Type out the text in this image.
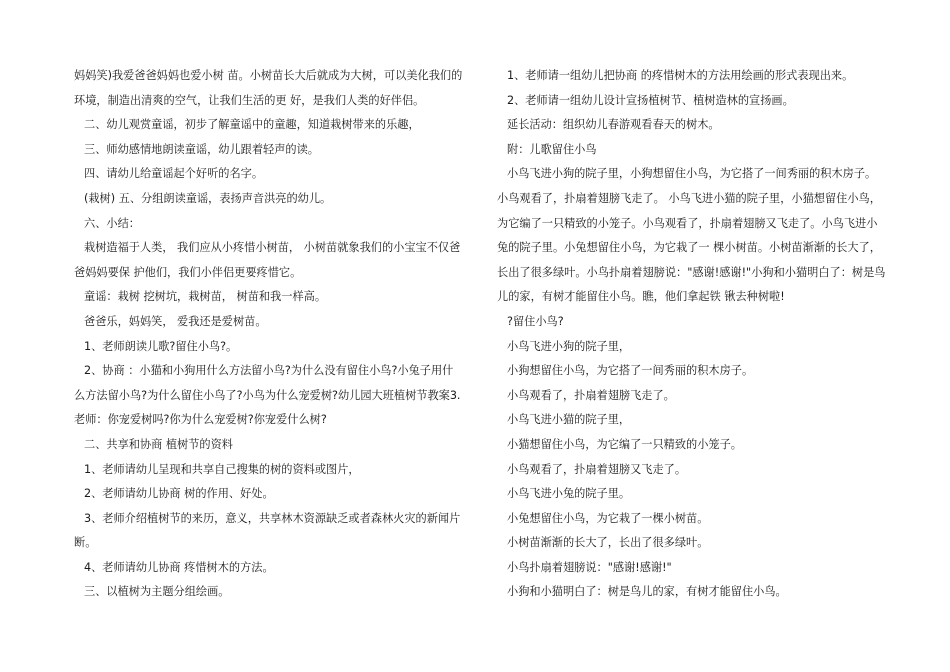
妈妈笑)我爱爸爸妈妈也爱小树 苗。小树苗长大后就成为大树，可以美化我们的环境，制造出清爽的空气，让我们生活的更 好，是我们人类的好伴侣。

二、幼儿观赏童谣，初步了解童谣中的童趣，知道栽树带来的乐趣，

三、师幼感情地朗读童谣，幼儿跟着轻声的读。

四、请幼儿给童谣起个好听的名字。

(栽树) 五、分组朗读童谣，表扬声音洪亮的幼儿。

六、小结：

栽树造福于人类， 我们应从小疼惜小树苗， 小树苗就象我们的小宝宝不仅爸爸妈妈要保 护他们，我们小伴侣更要疼惜它。

童谣：栽树 挖树坑，栽树苗， 树苗和我一样高。

爸爸乐，妈妈笑， 爱我还是爱树苗。

1、老师朗读儿歌?留住小鸟?。

2、协商 ：小猫和小狗用什么方法留小鸟?为什么没有留住小鸟?小兔子用什么方法留小鸟?为什么留住小鸟了?小鸟为什么宠爱树?幼儿园大班植树节教案3.老师：你宠爱树吗?你为什么宠爱树?你宠爱什么树?

二、共享和协商 植树节的资料

1、老师请幼儿呈现和共享自己搜集的树的资料或图片，

2、老师请幼儿协商 树的作用、好处。

3、老师介绍植树节的来历，意义，共享林木资源缺乏或者森林火灾的新闻片断。

4、老师请幼儿协商 疼惜树木的方法。

三、以植树为主题分组绘画。

1、老师请一组幼儿把协商 的疼惜树木的方法用绘画的形式表现出来。

2、老师请一组幼儿设计宣扬植树节、植树造林的宣扬画。

延长活动：组织幼儿春游观看春天的树木。

附：儿歌留住小鸟

小鸟飞进小狗的院子里，小狗想留住小鸟，为它搭了一间秀丽的积木房子。小鸟观看了，扑扇着翅膀飞走了。 小鸟飞进小猫的院子里，小猫想留住小鸟，为它编了一只精致的小笼子。小鸟观看了，扑扇着翅膀又飞走了。小鸟飞进小兔的院子里。小兔想留住小鸟，为它栽了一 棵小树苗。小树苗渐渐的长大了，长出了很多绿叶。小鸟扑扇着翅膀说："感谢!感谢!"小狗和小猫明白了：树是鸟儿的家，有树才能留住小鸟。瞧，他们拿起铁 锹去种树啦!

?留住小鸟?

小鸟飞进小狗的院子里，

小狗想留住小鸟，为它搭了一间秀丽的积木房子。

小鸟观看了，扑扇着翅膀飞走了。

小鸟飞进小猫的院子里，

小猫想留住小鸟，为它编了一只精致的小笼子。

小鸟观看了，扑扇着翅膀又飞走了。

小鸟飞进小兔的院子里。

小兔想留住小鸟，为它栽了一棵小树苗。

小树苗渐渐的长大了，长出了很多绿叶。

小鸟扑扇着翅膀说："感谢!感谢!"

小狗和小猫明白了：树是鸟儿的家，有树才能留住小鸟。
